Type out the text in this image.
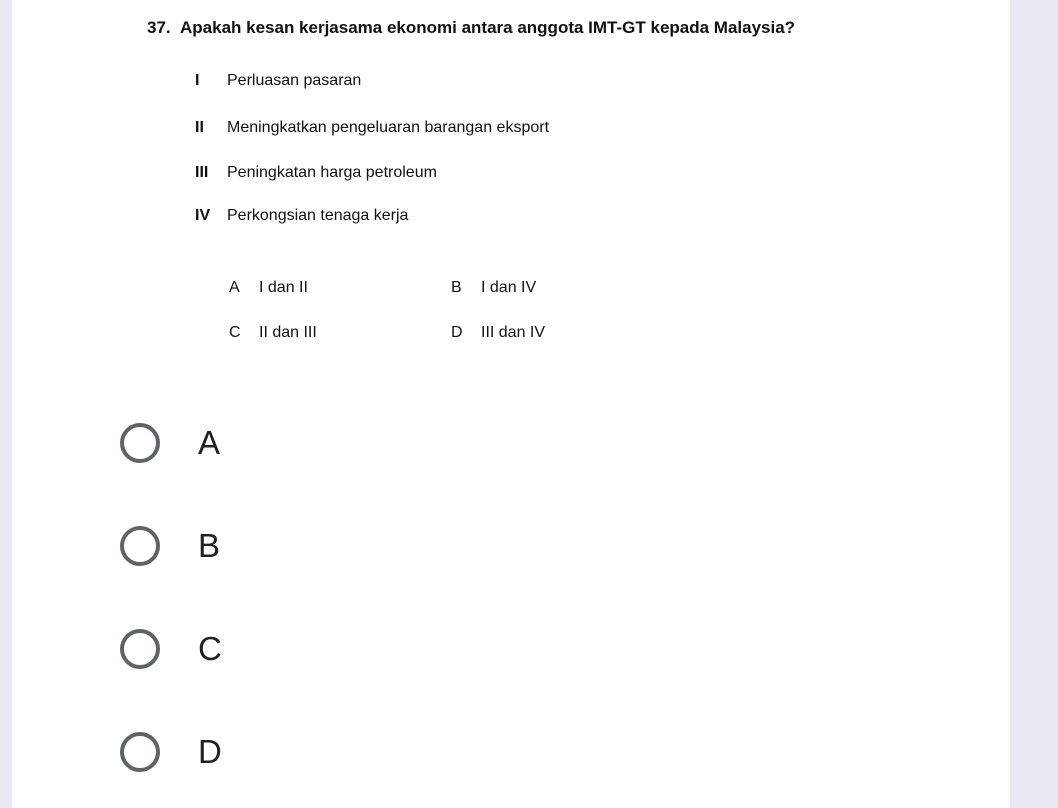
37. Apakah kesan kerjasama ekonomi antara anggota IMT-GT kepada Malaysia?
I Perluasan pasaran
II Meningkatkan pengeluaran barangan eksport
III Peningkatan harga petroleum
IV Perkongsian tenaga kerja
A I dan II	B I dan IV
C II dan III	D III dan IV
A
B
C
D
